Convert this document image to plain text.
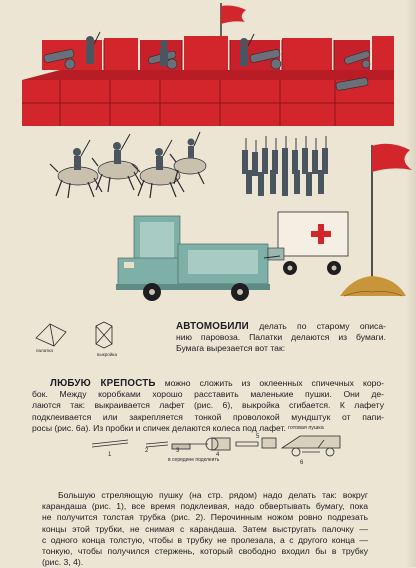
палатка
выкройка
АВТОМОБИЛИ делать по старому описа-
нию паровоза. Палатки делаются из бумаги.
Бумага вырезается вот так:
ЛЮБУЮ КРЕПОСТЬ можно сложить из оклеенных спичечных коро-
бок. Между коробками хорошо расставить маленькие пушки. Они де-
лаются так: выкраивается лафет (рис. 6), выкройка сгибается. К лафету
подклеивается или закрепляется тонкой проволокой мундштук от папи-
росы (рис. 6а). Из пробки и спичек делаются колеса под лафет.
1
2	3
4
5
6
в середине подклеить
готовая пушка
Большую стреляющую пушку (на стр. рядом) надо делать так: вокруг
карандаша (рис. 1), все время подклеивая, надо обвертывать бумагу, пока
не получится толстая трубка (рис. 2). Перочинным ножом ровно подрезать
концы этой трубки, не снимая с карандаша. Затем выстругать палочку —
с одного конца толстую, чтобы в трубку не пролезала, а с другого конца —
тонкую, чтобы получился стержень, который свободно входил бы в трубку
(рис. 3, 4).
